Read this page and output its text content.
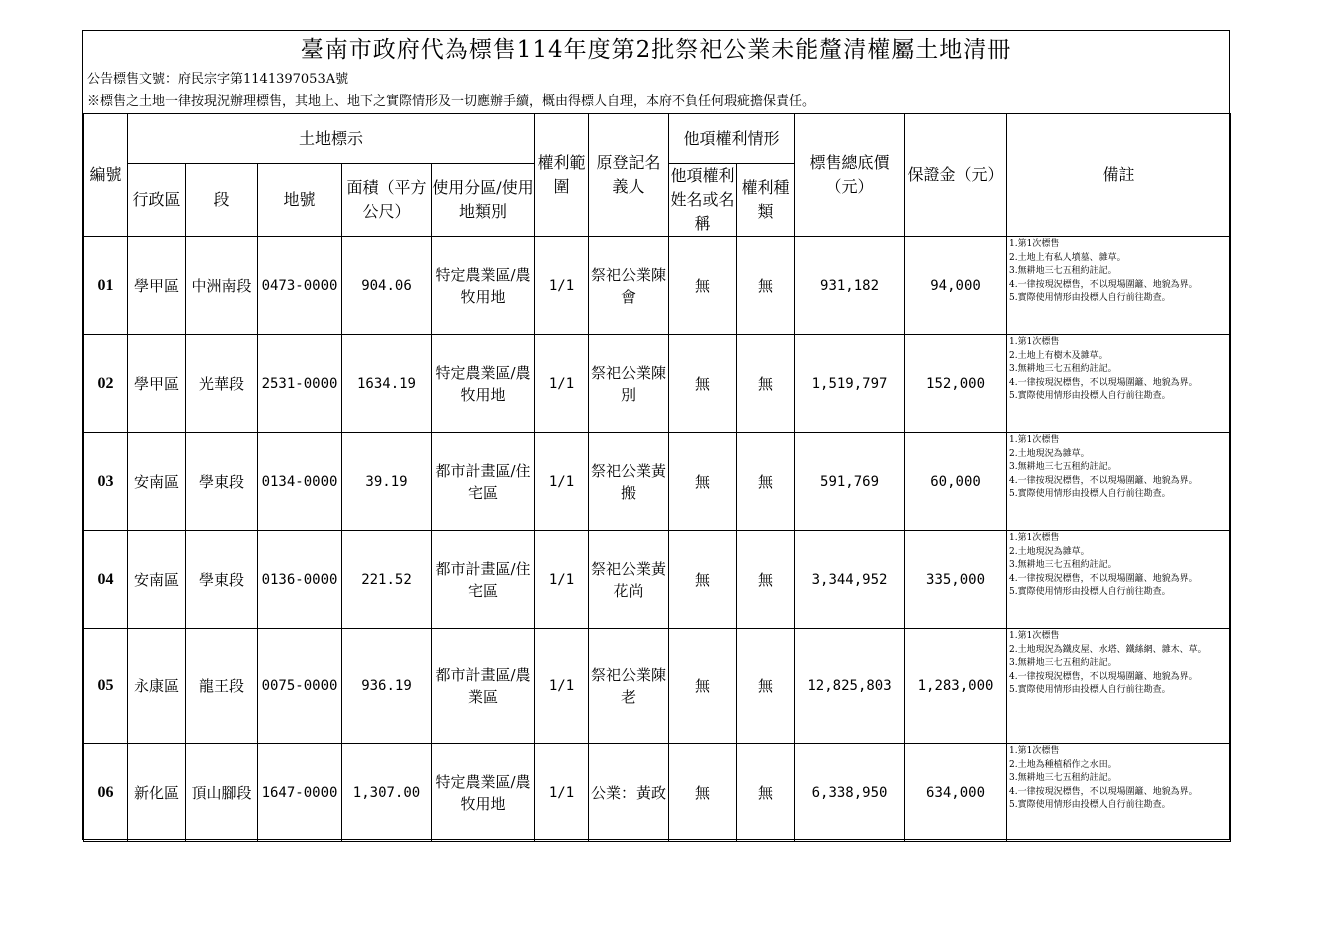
臺南市政府代為標售114年度第2批祭祀公業未能釐清權屬土地清冊
公告標售文號：府民宗字第1141397053A號
※標售之土地一律按現況辦理標售，其地上、地下之實際情形及一切應辦手續，概由得標人自理，本府不負任何瑕疵擔保責任。
編號	土地標示					權利範圍	原登記名義人	他項權利情形		標售總底價（元）	保證金（元）	備註
	行政區	段	地號	面積（平方公尺）	使用分區/使用地類別			他項權利姓名或名稱	權利種類			
01	學甲區	中洲南段	0473-0000	904.06	特定農業區/農牧用地	1/1	祭祀公業陳會	無	無	931,182	94,000	1.第1次標售
2.土地上有私人墳墓、雜草。
3.無耕地三七五租約註記。
4.一律按現況標售，不以現場圍籬、地貌為界。
5.實際使用情形由投標人自行前往勘查。

02	學甲區	光華段	2531-0000	1634.19	特定農業區/農牧用地	1/1	祭祀公業陳別	無	無	1,519,797	152,000	1.第1次標售
2.土地上有樹木及雜草。
3.無耕地三七五租約註記。
4.一律按現況標售，不以現場圍籬、地貌為界。
5.實際使用情形由投標人自行前往勘查。

03	安南區	學東段	0134-0000	39.19	都市計畫區/住宅區	1/1	祭祀公業黃搬	無	無	591,769	60,000	1.第1次標售
2.土地現況為雜草。
3.無耕地三七五租約註記。
4.一律按現況標售，不以現場圍籬、地貌為界。
5.實際使用情形由投標人自行前往勘查。

04	安南區	學東段	0136-0000	221.52	都市計畫區/住宅區	1/1	祭祀公業黃花尚	無	無	3,344,952	335,000	1.第1次標售
2.土地現況為雜草。
3.無耕地三七五租約註記。
4.一律按現況標售，不以現場圍籬、地貌為界。
5.實際使用情形由投標人自行前往勘查。

05	永康區	龍王段	0075-0000	936.19	都市計畫區/農業區	1/1	祭祀公業陳老	無	無	12,825,803	1,283,000	1.第1次標售
2.土地現況為鐵皮屋、水塔、鐵絲網、雜木、草。
3.無耕地三七五租約註記。
4.一律按現況標售，不以現場圍籬、地貌為界。
5.實際使用情形由投標人自行前往勘查。

06	新化區	頂山腳段	1647-0000	1,307.00	特定農業區/農牧用地	1/1	公業：黃政	無	無	6,338,950	634,000	1.第1次標售
2.土地為種植稻作之水田。
3.無耕地三七五租約註記。
4.一律按現況標售，不以現場圍籬、地貌為界。
5.實際使用情形由投標人自行前往勘查。
